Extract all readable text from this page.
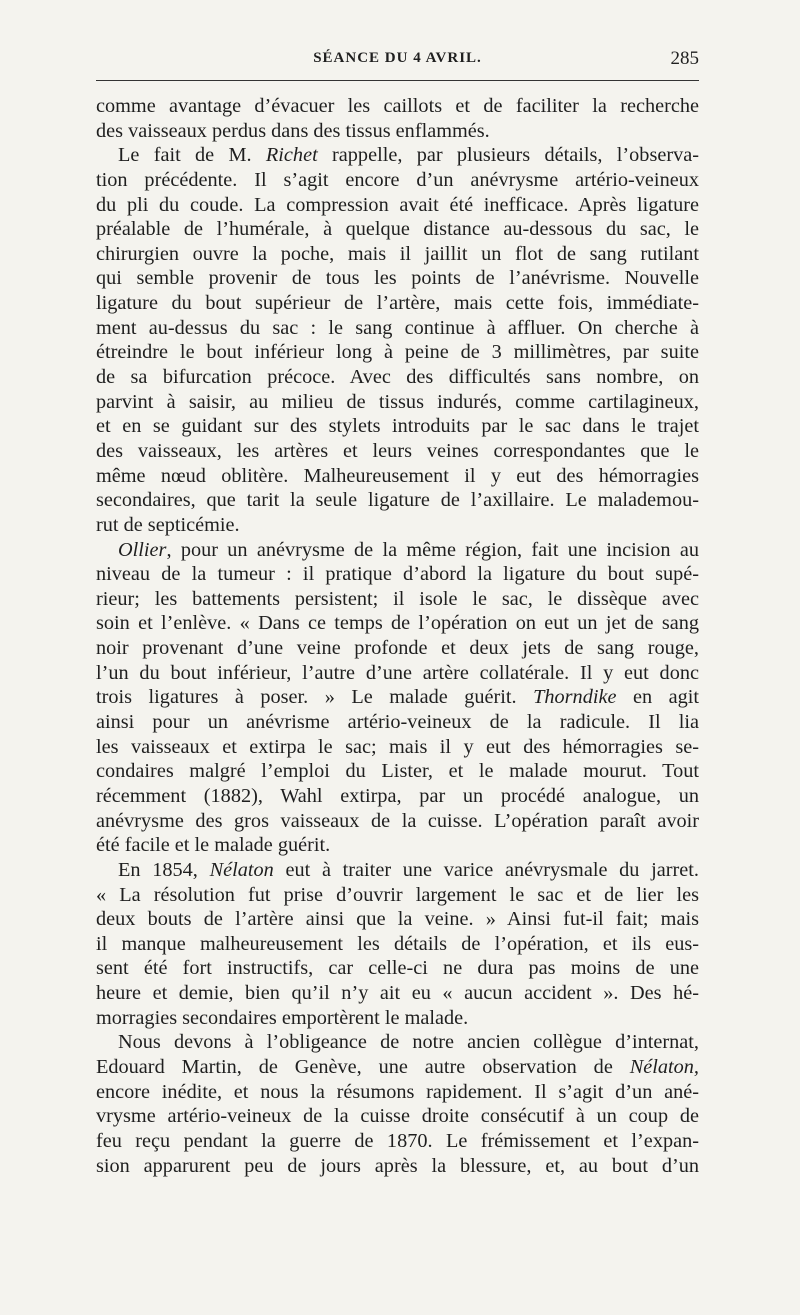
SÉANCE DU 4 AVRIL.	285
comme avantage d’évacuer les caillots et de faciliter la recherche
des vaisseaux perdus dans des tissus enflammés.
Le fait de M. Richet rappelle, par plusieurs détails, l’observa-
tion précédente. Il s’agit encore d’un anévrysme artério-veineux
du pli du coude. La compression avait été inefficace. Après ligature
préalable de l’humérale, à quelque distance au-dessous du sac, le
chirurgien ouvre la poche, mais il jaillit un flot de sang rutilant
qui semble provenir de tous les points de l’anévrisme. Nouvelle
ligature du bout supérieur de l’artère, mais cette fois, immédiate-
ment au-dessus du sac : le sang continue à affluer. On cherche à
étreindre le bout inférieur long à peine de 3 millimètres, par suite
de sa bifurcation précoce. Avec des difficultés sans nombre, on
parvint à saisir, au milieu de tissus indurés, comme cartilagineux,
et en se guidant sur des stylets introduits par le sac dans le trajet
des vaisseaux, les artères et leurs veines correspondantes que le
même nœud oblitère. Malheureusement il y eut des hémorragies
secondaires, que tarit la seule ligature de l’axillaire. Le malademou-
rut de septicémie.
Ollier, pour un anévrysme de la même région, fait une incision au
niveau de la tumeur : il pratique d’abord la ligature du bout supé-
rieur; les battements persistent; il isole le sac, le dissèque avec
soin et l’enlève. « Dans ce temps de l’opération on eut un jet de sang
noir provenant d’une veine profonde et deux jets de sang rouge,
l’un du bout inférieur, l’autre d’une artère collatérale. Il y eut donc
trois ligatures à poser. » Le malade guérit. Thorndike en agit
ainsi pour un anévrisme artério-veineux de la radicule. Il lia
les vaisseaux et extirpa le sac; mais il y eut des hémorragies se-
condaires malgré l’emploi du Lister, et le malade mourut. Tout
récemment (1882), Wahl extirpa, par un procédé analogue, un
anévrysme des gros vaisseaux de la cuisse. L’opération paraît avoir
été facile et le malade guérit.
En 1854, Nélaton eut à traiter une varice anévrysmale du jarret.
« La résolution fut prise d’ouvrir largement le sac et de lier les
deux bouts de l’artère ainsi que la veine. » Ainsi fut-il fait; mais
il manque malheureusement les détails de l’opération, et ils eus-
sent été fort instructifs, car celle-ci ne dura pas moins de une
heure et demie, bien qu’il n’y ait eu « aucun accident ». Des hé-
morragies secondaires emportèrent le malade.
Nous devons à l’obligeance de notre ancien collègue d’internat,
Edouard Martin, de Genève, une autre observation de Nélaton,
encore inédite, et nous la résumons rapidement. Il s’agit d’un ané-
vrysme artério-veineux de la cuisse droite consécutif à un coup de
feu reçu pendant la guerre de 1870. Le frémissement et l’expan-
sion apparurent peu de jours après la blessure, et, au bout d’un
